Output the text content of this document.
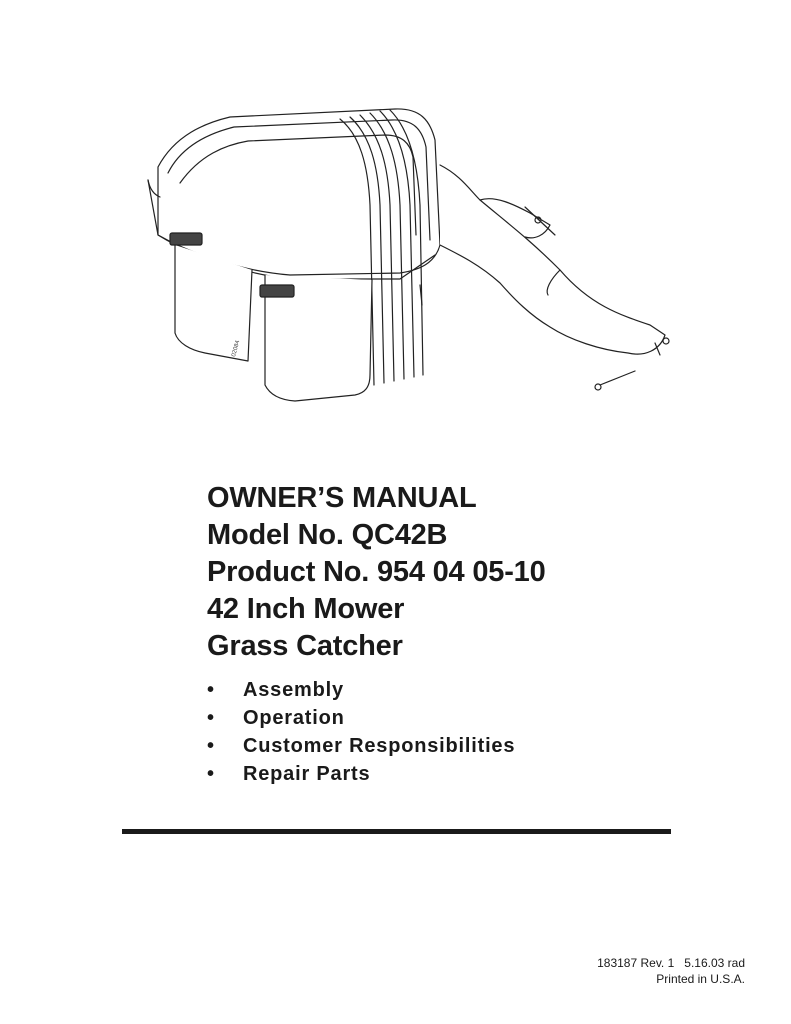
02084
OWNER’S MANUAL
Model No. QC42B
Product No. 954 04 05-10
42 Inch Mower
Grass Catcher
•	Assembly
•	Operation
•	Customer Responsibilities
•	Repair Parts
183187 Rev. 1   5.16.03 rad
Printed in U.S.A.
